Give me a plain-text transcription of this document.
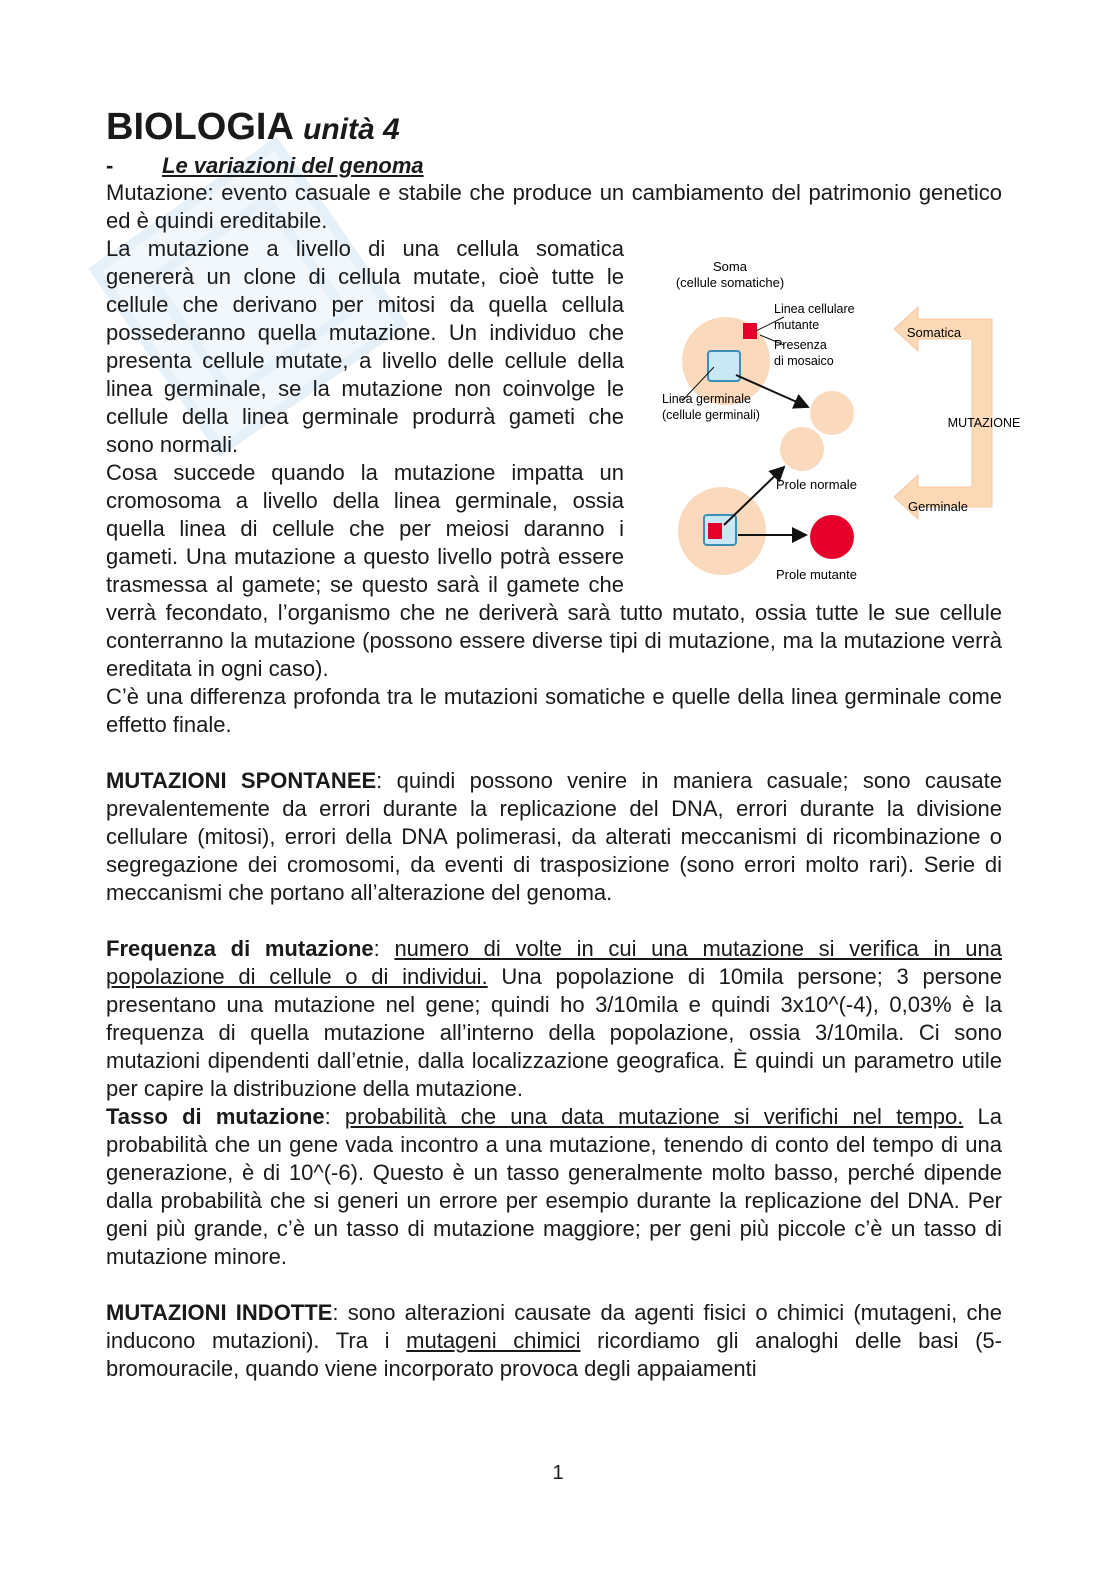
BIOLOGIA unità 4
- Le variazioni del genoma

Mutazione: evento casuale e stabile che produce un cambiamento del patrimonio genetico ed è quindi ereditabile.

Soma
(cellule somatiche)
Linea cellulare
mutante
Presenza
di mosaico
Linea germinale
(cellule germinali)
Somatica
MUTAZIONE
Germinale
Prole normale
Prole mutante

La mutazione a livello di una cellula somatica genererà un clone di cellula mutate, cioè tutte le cellule che derivano per mitosi da quella cellula possederanno quella mutazione. Un individuo che presenta cellule mutate, a livello delle cellule della linea germinale, se la mutazione non coinvolge le cellule della linea germinale produrrà gameti che sono normali.

Cosa succede quando la mutazione impatta un cromosoma a livello della linea germinale, ossia quella linea di cellule che per meiosi daranno i gameti. Una mutazione a questo livello potrà essere trasmessa al gamete; se questo sarà il gamete che verrà fecondato, l’organismo che ne deriverà sarà tutto mutato, ossia tutte le sue cellule conterranno la mutazione (possono essere diverse tipi di mutazione, ma la mutazione verrà ereditata in ogni caso).

C’è una differenza profonda tra le mutazioni somatiche e quelle della linea germinale come effetto finale.

MUTAZIONI SPONTANEE: quindi possono venire in maniera casuale; sono causate prevalentemente da errori durante la replicazione del DNA, errori durante la divisione cellulare (mitosi), errori della DNA polimerasi, da alterati meccanismi di ricombinazione o segregazione dei cromosomi, da eventi di trasposizione (sono errori molto rari). Serie di meccanismi che portano all’alterazione del genoma.

Frequenza di mutazione: numero di volte in cui una mutazione si verifica in una popolazione di cellule o di individui. Una popolazione di 10mila persone; 3 persone presentano una mutazione nel gene; quindi ho 3/10mila e quindi 3x10^(-4), 0,03% è la frequenza di quella mutazione all’interno della popolazione, ossia 3/10mila. Ci sono mutazioni dipendenti dall’etnie, dalla localizzazione geografica. È quindi un parametro utile per capire la distribuzione della mutazione.

Tasso di mutazione: probabilità che una data mutazione si verifichi nel tempo. La probabilità che un gene vada incontro a una mutazione, tenendo di conto del tempo di una generazione, è di 10^(-6). Questo è un tasso generalmente molto basso, perché dipende dalla probabilità che si generi un errore per esempio durante la replicazione del DNA. Per geni più grande, c’è un tasso di mutazione maggiore; per geni più piccole c’è un tasso di mutazione minore.

MUTAZIONI INDOTTE: sono alterazioni causate da agenti fisici o chimici (mutageni, che inducono mutazioni). Tra i mutageni chimici ricordiamo gli analoghi delle basi (5-bromouracile, quando viene incorporato provoca degli appaiamenti

1
